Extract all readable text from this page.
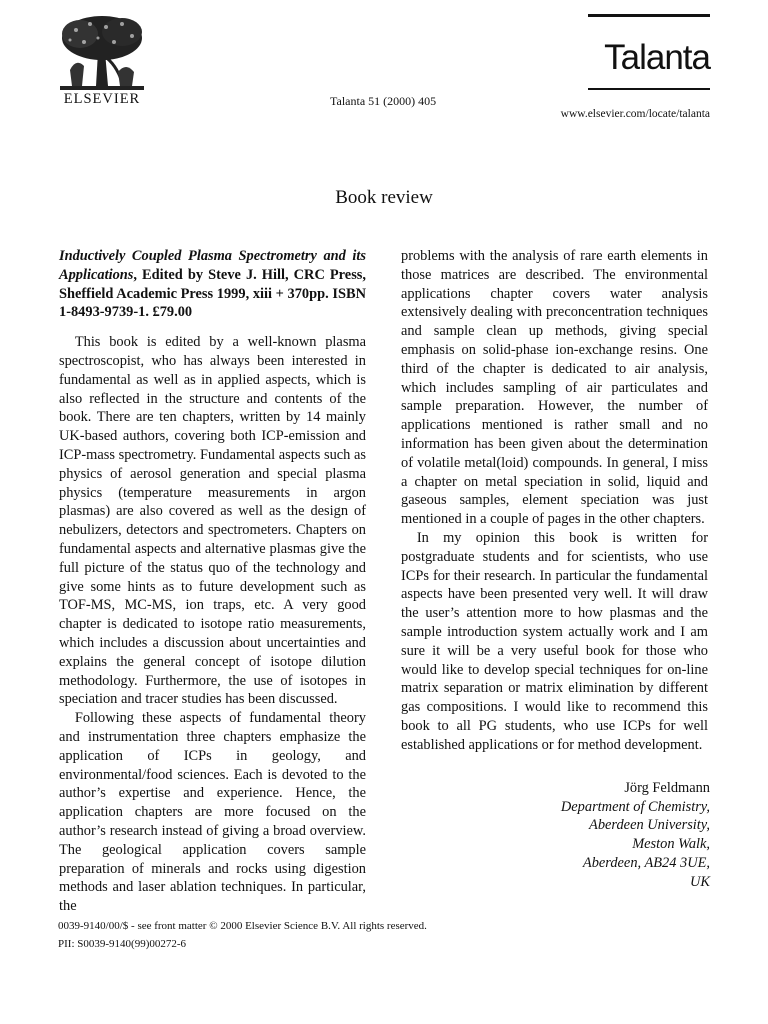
ELSEVIER	Talanta 51 (2000) 405
Talanta
www.elsevier.com/locate/talanta
Book review

Inductively Coupled Plasma Spectrometry and its Applications, Edited by Steve J. Hill, CRC Press, Sheffield Academic Press 1999, xiii + 370pp. ISBN 1-8493-9739-1. £79.00

This book is edited by a well-known plasma spectroscopist, who has always been interested in fundamental as well as in applied aspects, which is also reflected in the structure and contents of the book. There are ten chapters, written by 14 mainly UK-based authors, covering both ICP-emission and ICP-mass spectrometry. Fundamental aspects such as physics of aerosol generation and special plasma physics (temperature measurements in argon plasmas) are also covered as well as the design of nebulizers, detectors and spectrometers. Chapters on fundamental aspects and alternative plasmas give the full picture of the status quo of the technology and give some hints as to future development such as TOF-MS, MC-MS, ion traps, etc. A very good chapter is dedicated to isotope ratio measurements, which includes a discussion about uncertainties and explains the general concept of isotope dilution methodology. Furthermore, the use of isotopes in speciation and tracer studies has been discussed.

Following these aspects of fundamental theory and instrumentation three chapters emphasize the application of ICPs in geology, and environmental/food sciences. Each is devoted to the author’s expertise and experience. Hence, the application chapters are more focused on the author’s research instead of giving a broad overview. The geological application covers sample preparation of minerals and rocks using digestion methods and laser ablation techniques. In particular, the

problems with the analysis of rare earth elements in those matrices are described. The environmental applications chapter covers water analysis extensively dealing with preconcentration techniques and sample clean up methods, giving special emphasis on solid-phase ion-exchange resins. One third of the chapter is dedicated to air analysis, which includes sampling of air particulates and sample preparation. However, the number of applications mentioned is rather small and no information has been given about the determination of volatile metal(loid) compounds. In general, I miss a chapter on metal speciation in solid, liquid and gaseous samples, element speciation was just mentioned in a couple of pages in the other chapters.

In my opinion this book is written for postgraduate students and for scientists, who use ICPs for their research. In particular the fundamental aspects have been presented very well. It will draw the user’s attention more to how plasmas and the sample introduction system actually work and I am sure it will be a very useful book for those who would like to develop special techniques for on-line matrix separation or matrix elimination by different gas compositions. I would like to recommend this book to all PG students, who use ICPs for well established applications or for method development.

Jörg Feldmann
Department of Chemistry,
Aberdeen University,
Meston Walk,
Aberdeen, AB24 3UE,
UK
0039-9140/00/$ - see front matter © 2000 Elsevier Science B.V. All rights reserved.
PII: S0039-9140(99)00272-6
